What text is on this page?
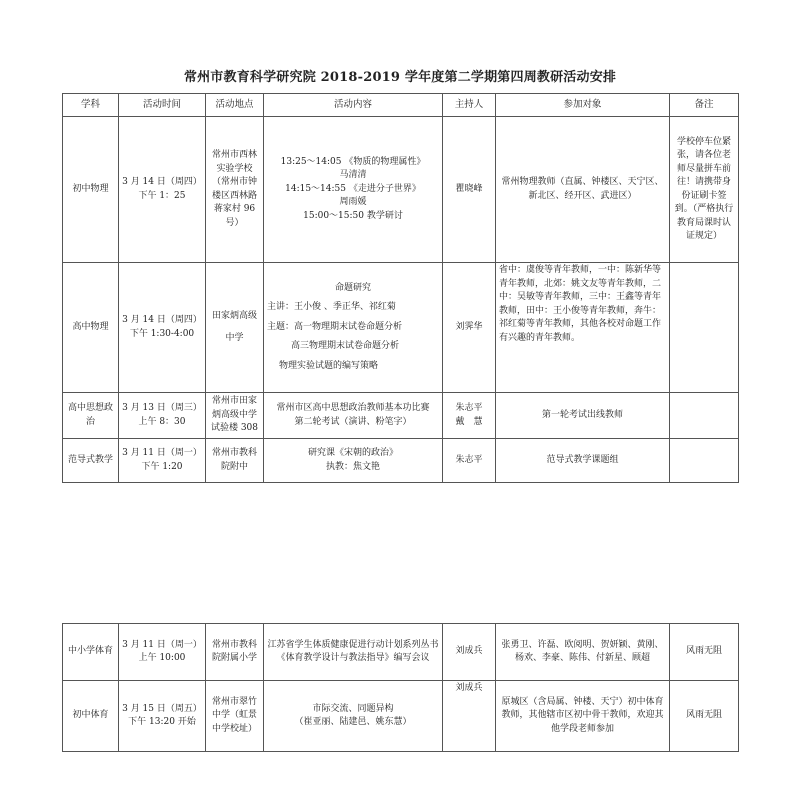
常州市教育科学研究院 2018-2019 学年度第二学期第四周教研活动安排
学科	活动时间	活动地点	活动内容	主持人	参加对象	备注
初中物理	3 月 14 日（周四）下午 1：25	常州市西林实验学校（常州市钟楼区西林路蒋家村 96 号）	13:25～14:05 《物质的物理属性》
马清清
14:15～14:55 《走进分子世界》
周雨媛
15:00～15:50 教学研讨	瞿晓峰	常州物理教师（直属、钟楼区、天宁区、新北区、经开区、武进区）	学校停车位紧张，请各位老师尽量拼车前往！请携带身份证刷卡签到。（严格执行教育局课时认证规定）
高中物理	3 月 14 日（周四）下午 1:30-4:00	田家炳高级
中学	命题研究
主讲：王小俊 、季正华、祁红菊
主题：高一物理期末试卷命题分析
高三物理期末试卷命题分析
物理实验试题的编写策略	刘霁华	省中：虞俊等青年教师，一中：陈新华等青年教师，北郊：姚文友等青年教师，二中：吴敏等青年教师，三中：王鑫等青年教师，田中：王小俊等青年教师，奔牛：祁红菊等青年教师，其他各校对命题工作有兴趣的青年教师。	
高中思想政治	3 月 13 日（周三）上午 8：30	常州市田家炳高级中学试验楼 308	常州市区高中思想政治教师基本功比赛
第二轮考试（演讲、粉笔字）	朱志平
戴　慧	第一轮考试出线教师	
范导式教学	3 月 11 日（周一）下午 1:20	常州市教科院附中	研究课《宋朝的政治》
执教：焦文艳	朱志平	范导式教学课题组	
中小学体育	3 月 11 日（周一）上午 10:00	常州市教科院附属小学	江苏省学生体质健康促进行动计划系列丛书《体育教学设计与教法指导》编写会议	刘成兵	张勇卫、许磊、欧阅明、贺妍颖、黄刚、杨欢、李豪、陈伟、付新星、顾超	风雨无阻
初中体育	3 月 15 日（周五）下午 13:20 开始	常州市翠竹中学（虹景中学校址）	市际交流、同题异构
（崔亚丽、陆建邑、姚东慧）	刘成兵	原城区（含局属、钟楼、天宁）初中体育教师，其他辖市区初中骨干教师，欢迎其他学段老师参加	风雨无阻
